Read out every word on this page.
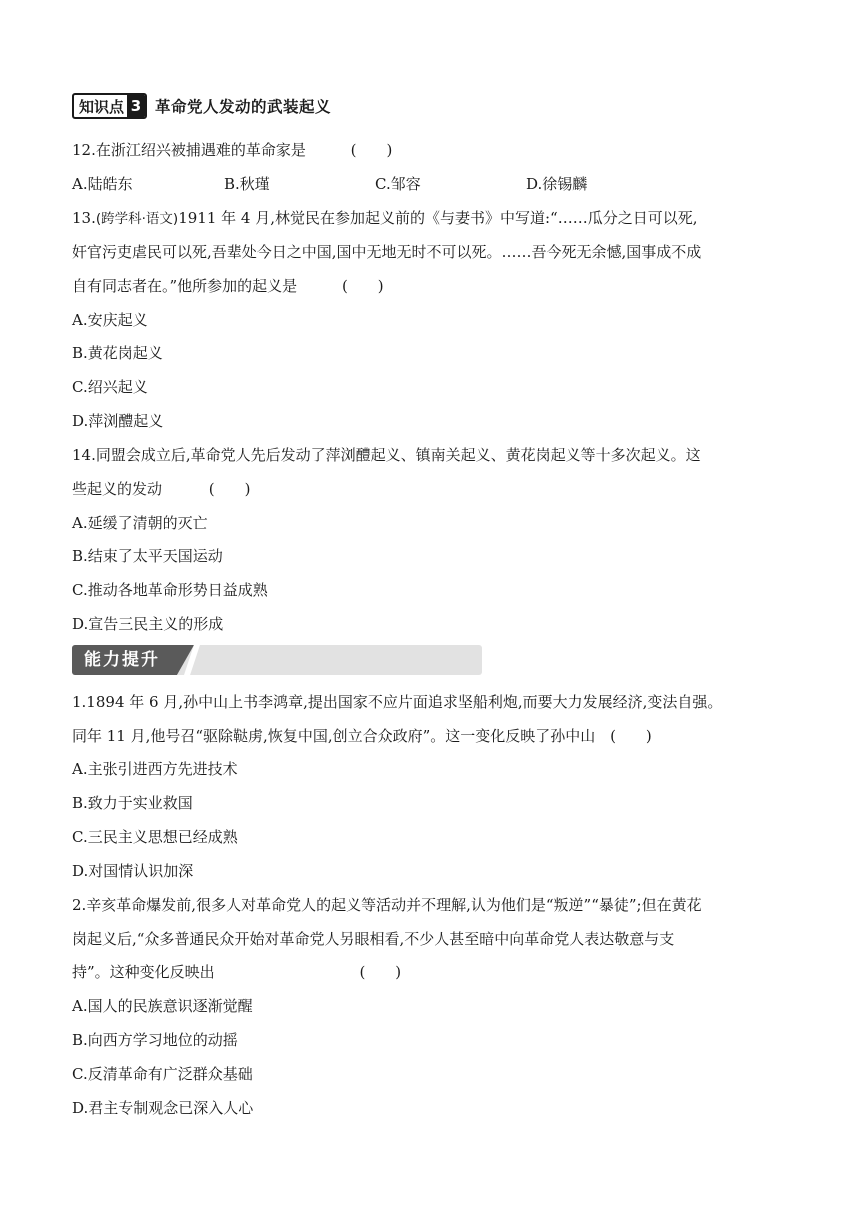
知识点 3 革命党人发动的武装起义
12.在浙江绍兴被捕遇难的革命家是	(　　)
A.陆皓东	B.秋瑾	C.邹容	D.徐锡麟
13.(跨学科·语文)1911 年 4 月,林觉民在参加起义前的《与妻书》中写道:“……瓜分之日可以死,
奸官污吏虐民可以死,吾辈处今日之中国,国中无地无时不可以死。……吾今死无余憾,国事成不成
自有同志者在。”他所参加的起义是	(　　)
A.安庆起义
B.黄花岗起义
C.绍兴起义
D.萍浏醴起义
14.同盟会成立后,革命党人先后发动了萍浏醴起义、镇南关起义、黄花岗起义等十多次起义。这
些起义的发动	(　　)
A.延缓了清朝的灭亡
B.结束了太平天国运动
C.推动各地革命形势日益成熟
D.宣告三民主义的形成
能力提升
1.1894 年 6 月,孙中山上书李鸿章,提出国家不应片面追求坚船利炮,而要大力发展经济,变法自强。
同年 11 月,他号召“驱除鞑虏,恢复中国,创立合众政府”。这一变化反映了孙中山 (　　)
A.主张引进西方先进技术
B.致力于实业救国
C.三民主义思想已经成熟
D.对国情认识加深
2.辛亥革命爆发前,很多人对革命党人的起义等活动并不理解,认为他们是“叛逆”“暴徒”;但在黄花
岗起义后,“众多普通民众开始对革命党人另眼相看,不少人甚至暗中向革命党人表达敬意与支
持”。这种变化反映出	(　　)
A.国人的民族意识逐渐觉醒
B.向西方学习地位的动摇
C.反清革命有广泛群众基础
D.君主专制观念已深入人心
